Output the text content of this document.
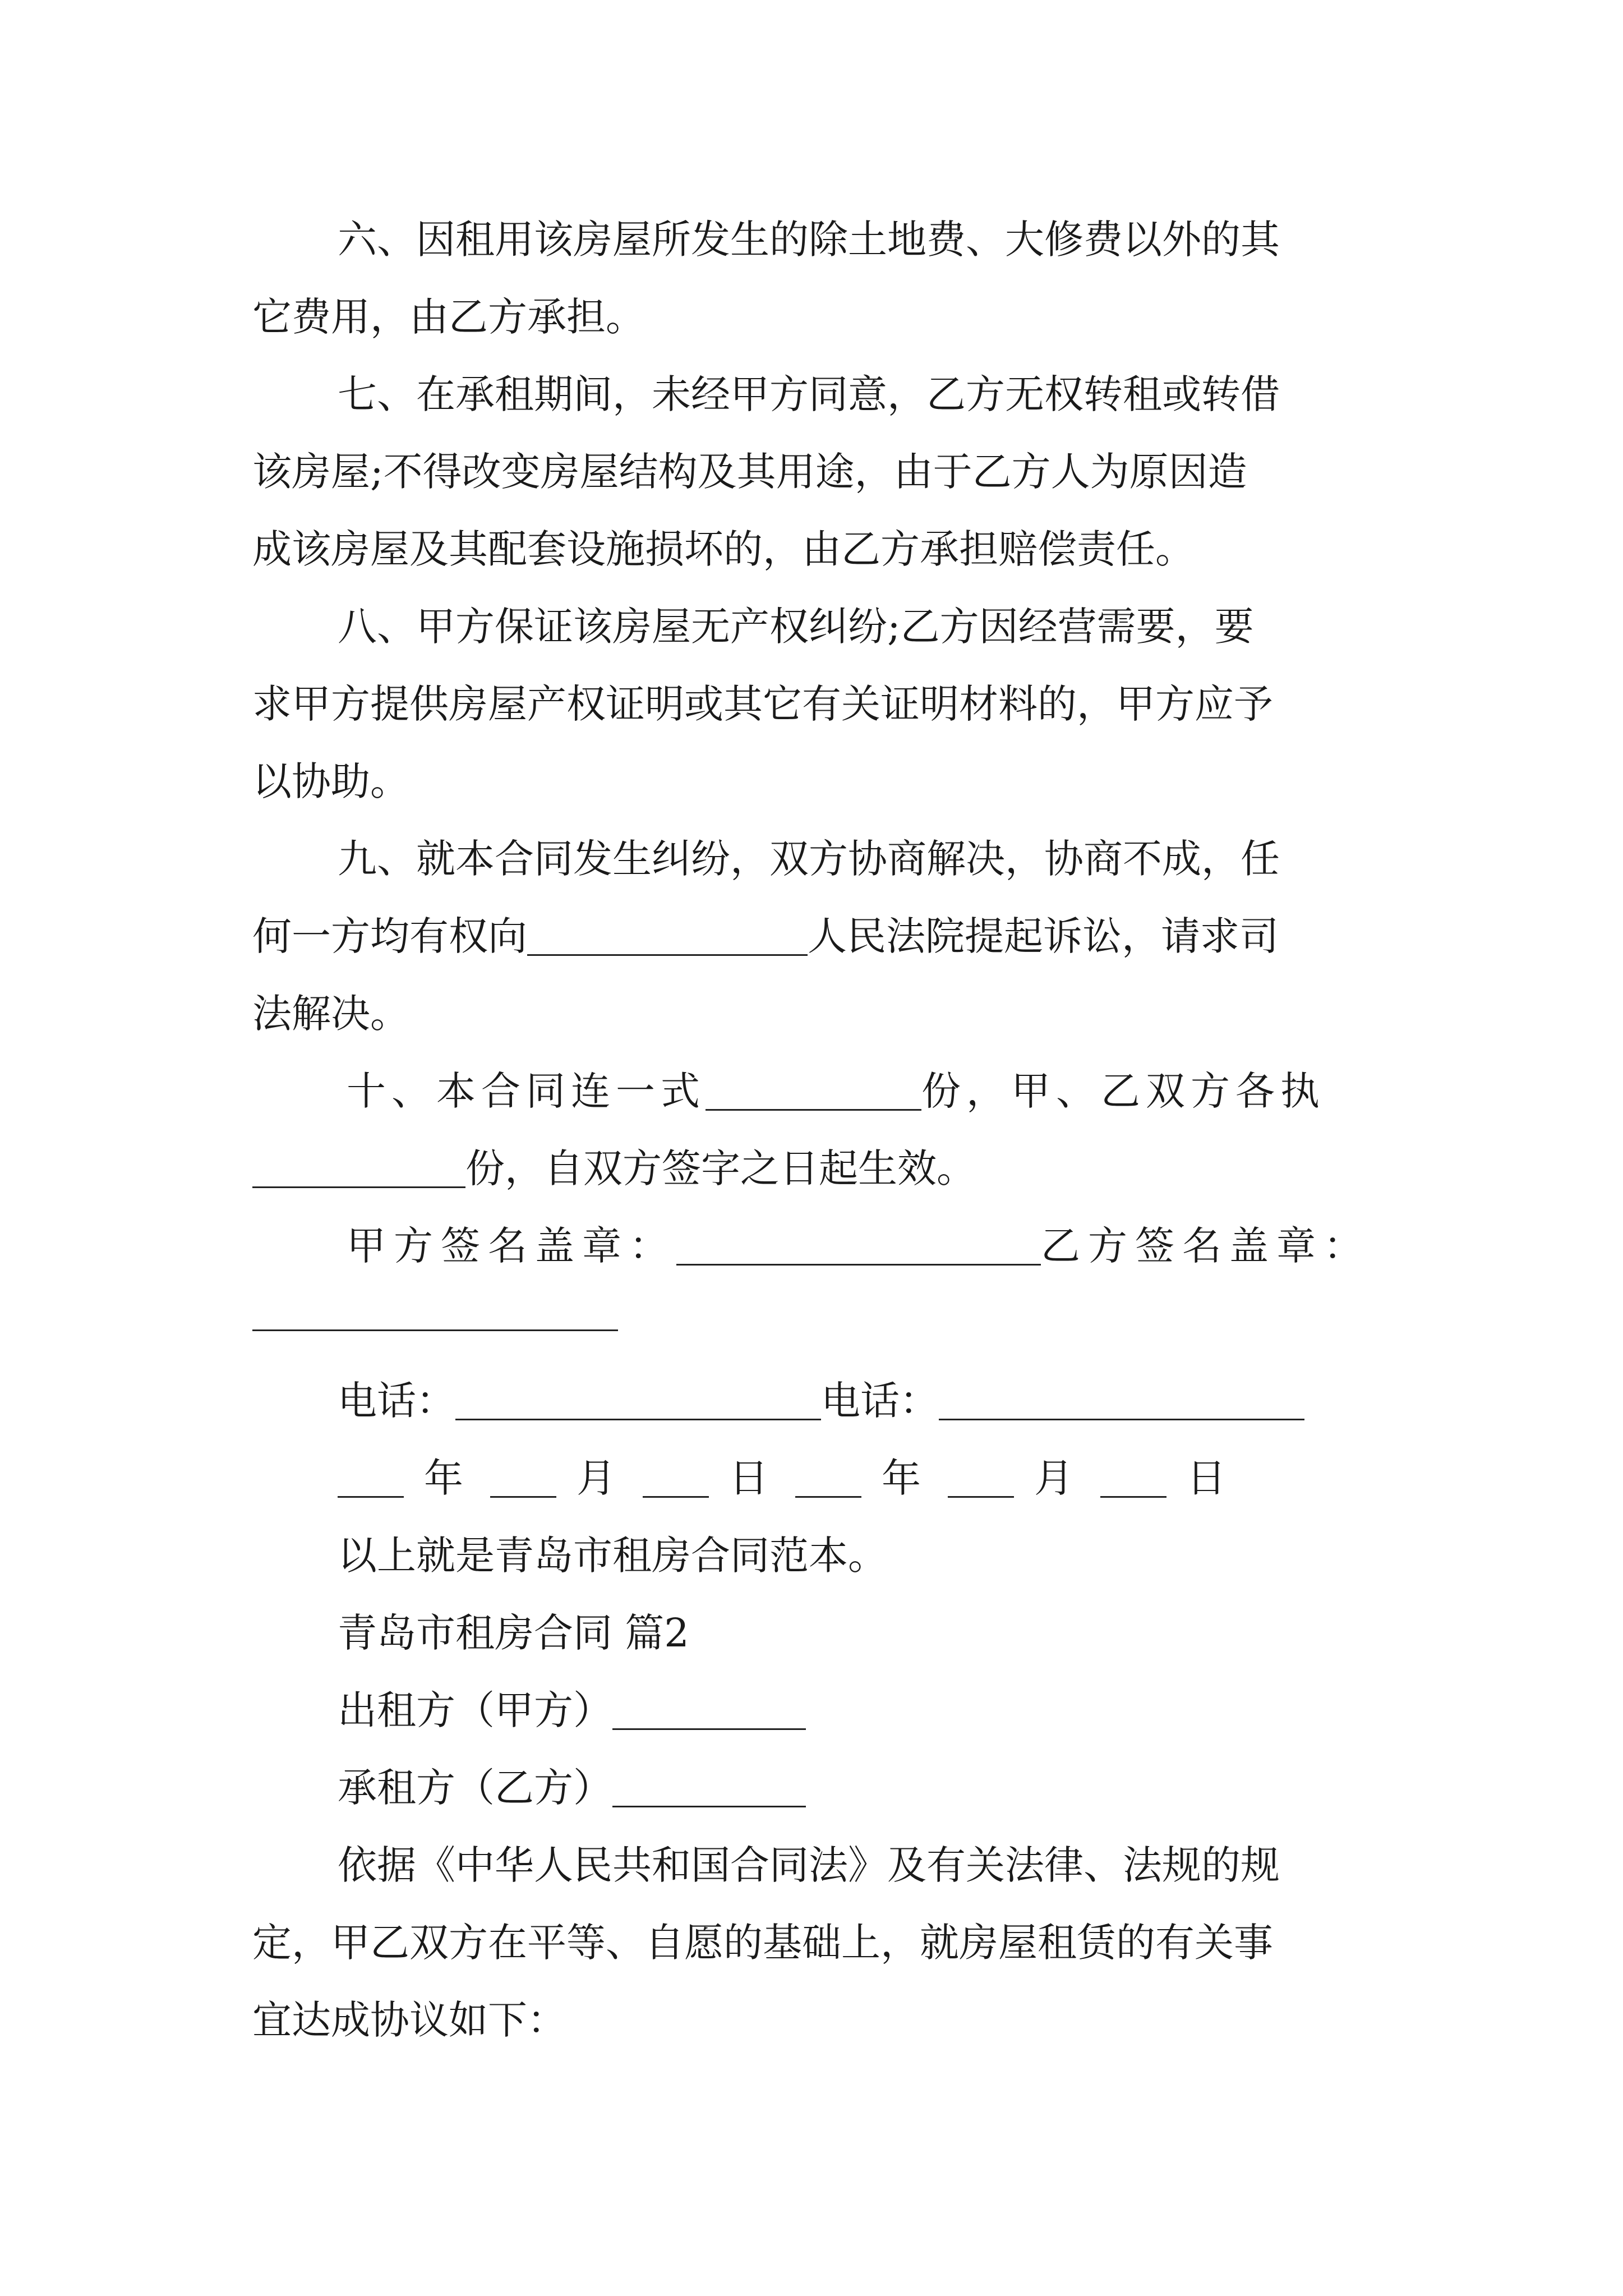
六、因租用该房屋所发生的除土地费、大修费以外的其
它费用，由乙方承担。
七、在承租期间，未经甲方同意，乙方无权转租或转借
该房屋;不得改变房屋结构及其用途，由于乙方人为原因造
成该房屋及其配套设施损坏的，由乙方承担赔偿责任。
八、甲方保证该房屋无产权纠纷;乙方因经营需要，要
求甲方提供房屋产权证明或其它有关证明材料的，甲方应予
以协助。
九、就本合同发生纠纷，双方协商解决，协商不成，任
何一方均有权向	人民法院提起诉讼，请求司
法解决。
十、本合同连一式	份，甲、乙双方各执
份，自双方签字之日起生效。
甲方签名盖章：	乙方签名盖章：
电话：	电话：
年	月	日	年	月	日
以上就是青岛市租房合同范本。
青岛市租房合同 篇2
出租方（甲方）
承租方（乙方）
依据《中华人民共和国合同法》及有关法律、法规的规
定，甲乙双方在平等、自愿的基础上，就房屋租赁的有关事
宜达成协议如下：
